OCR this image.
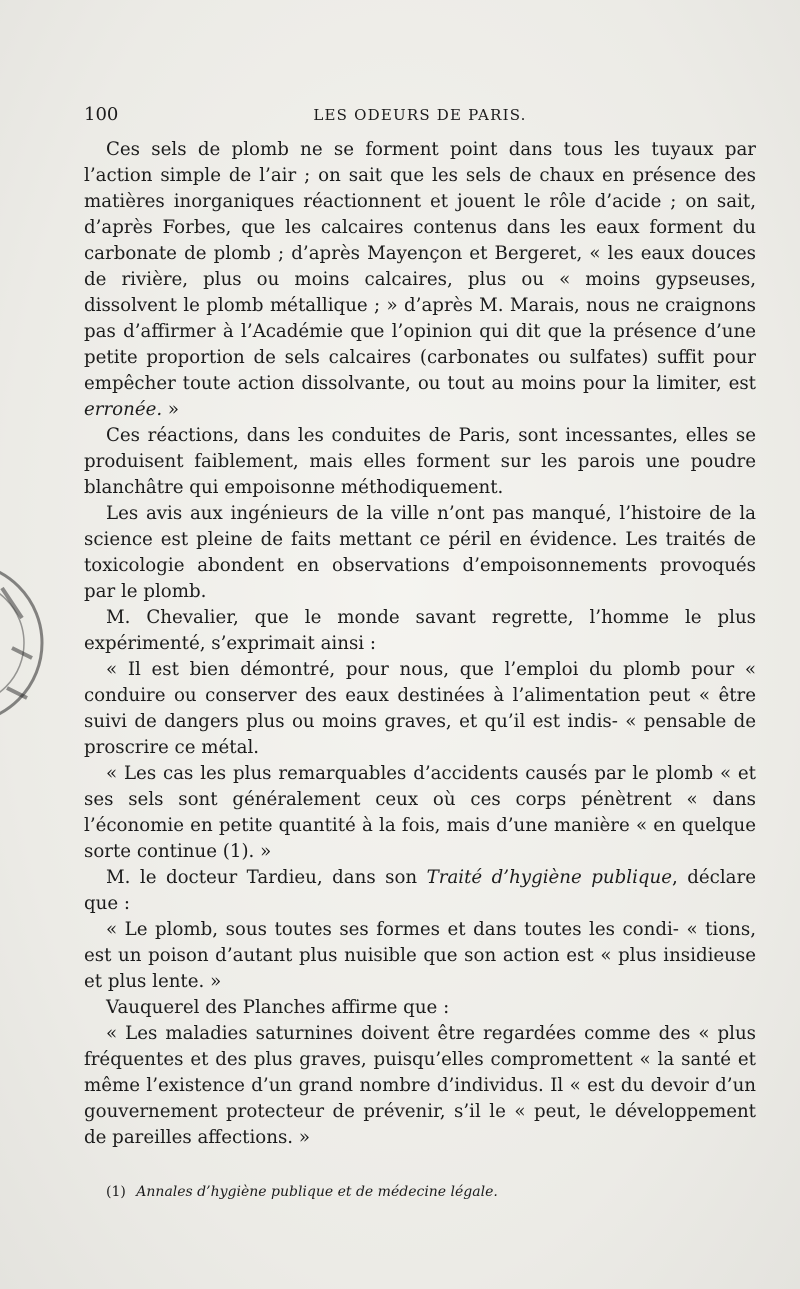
100	LES ODEURS DE PARIS.

Ces sels de plomb ne se forment point dans tous les tuyaux par l’action simple de l’air ; on sait que les sels de chaux en présence des matières inorganiques réactionnent et jouent le rôle d’acide ; on sait, d’après Forbes, que les calcaires contenus dans les eaux forment du carbonate de plomb ; d’après Mayençon et Bergeret, « les eaux douces de rivière, plus ou moins calcaires, plus ou « moins gypseuses, dissolvent le plomb métallique ; » d’après M. Marais, nous ne craignons pas d’affirmer à l’Académie que l’opinion qui dit que la présence d’une petite proportion de sels calcaires (carbonates ou sulfates) suffit pour empêcher toute action dissolvante, ou tout au moins pour la limiter, est erronée. »

Ces réactions, dans les conduites de Paris, sont incessantes, elles se produisent faiblement, mais elles forment sur les parois une poudre blanchâtre qui empoisonne méthodiquement.

Les avis aux ingénieurs de la ville n’ont pas manqué, l’histoire de la science est pleine de faits mettant ce péril en évidence. Les traités de toxicologie abondent en observations d’empoisonnements provoqués par le plomb.

M. Chevalier, que le monde savant regrette, l’homme le plus expérimenté, s’exprimait ainsi :

« Il est bien démontré, pour nous, que l’emploi du plomb pour « conduire ou conserver des eaux destinées à l’alimentation peut « être suivi de dangers plus ou moins graves, et qu’il est indis- « pensable de proscrire ce métal.

« Les cas les plus remarquables d’accidents causés par le plomb « et ses sels sont généralement ceux où ces corps pénètrent « dans l’économie en petite quantité à la fois, mais d’une manière « en quelque sorte continue (1). »

M. le docteur Tardieu, dans son Traité d’hygiène publique, déclare que :

« Le plomb, sous toutes ses formes et dans toutes les condi- « tions, est un poison d’autant plus nuisible que son action est « plus insidieuse et plus lente. »

Vauquerel des Planches affirme que :

« Les maladies saturnines doivent être regardées comme des « plus fréquentes et des plus graves, puisqu’elles compromettent « la santé et même l’existence d’un grand nombre d’individus. Il « est du devoir d’un gouvernement protecteur de prévenir, s’il le « peut, le développement de pareilles affections. »

(1) Annales d’hygiène publique et de médecine légale.
